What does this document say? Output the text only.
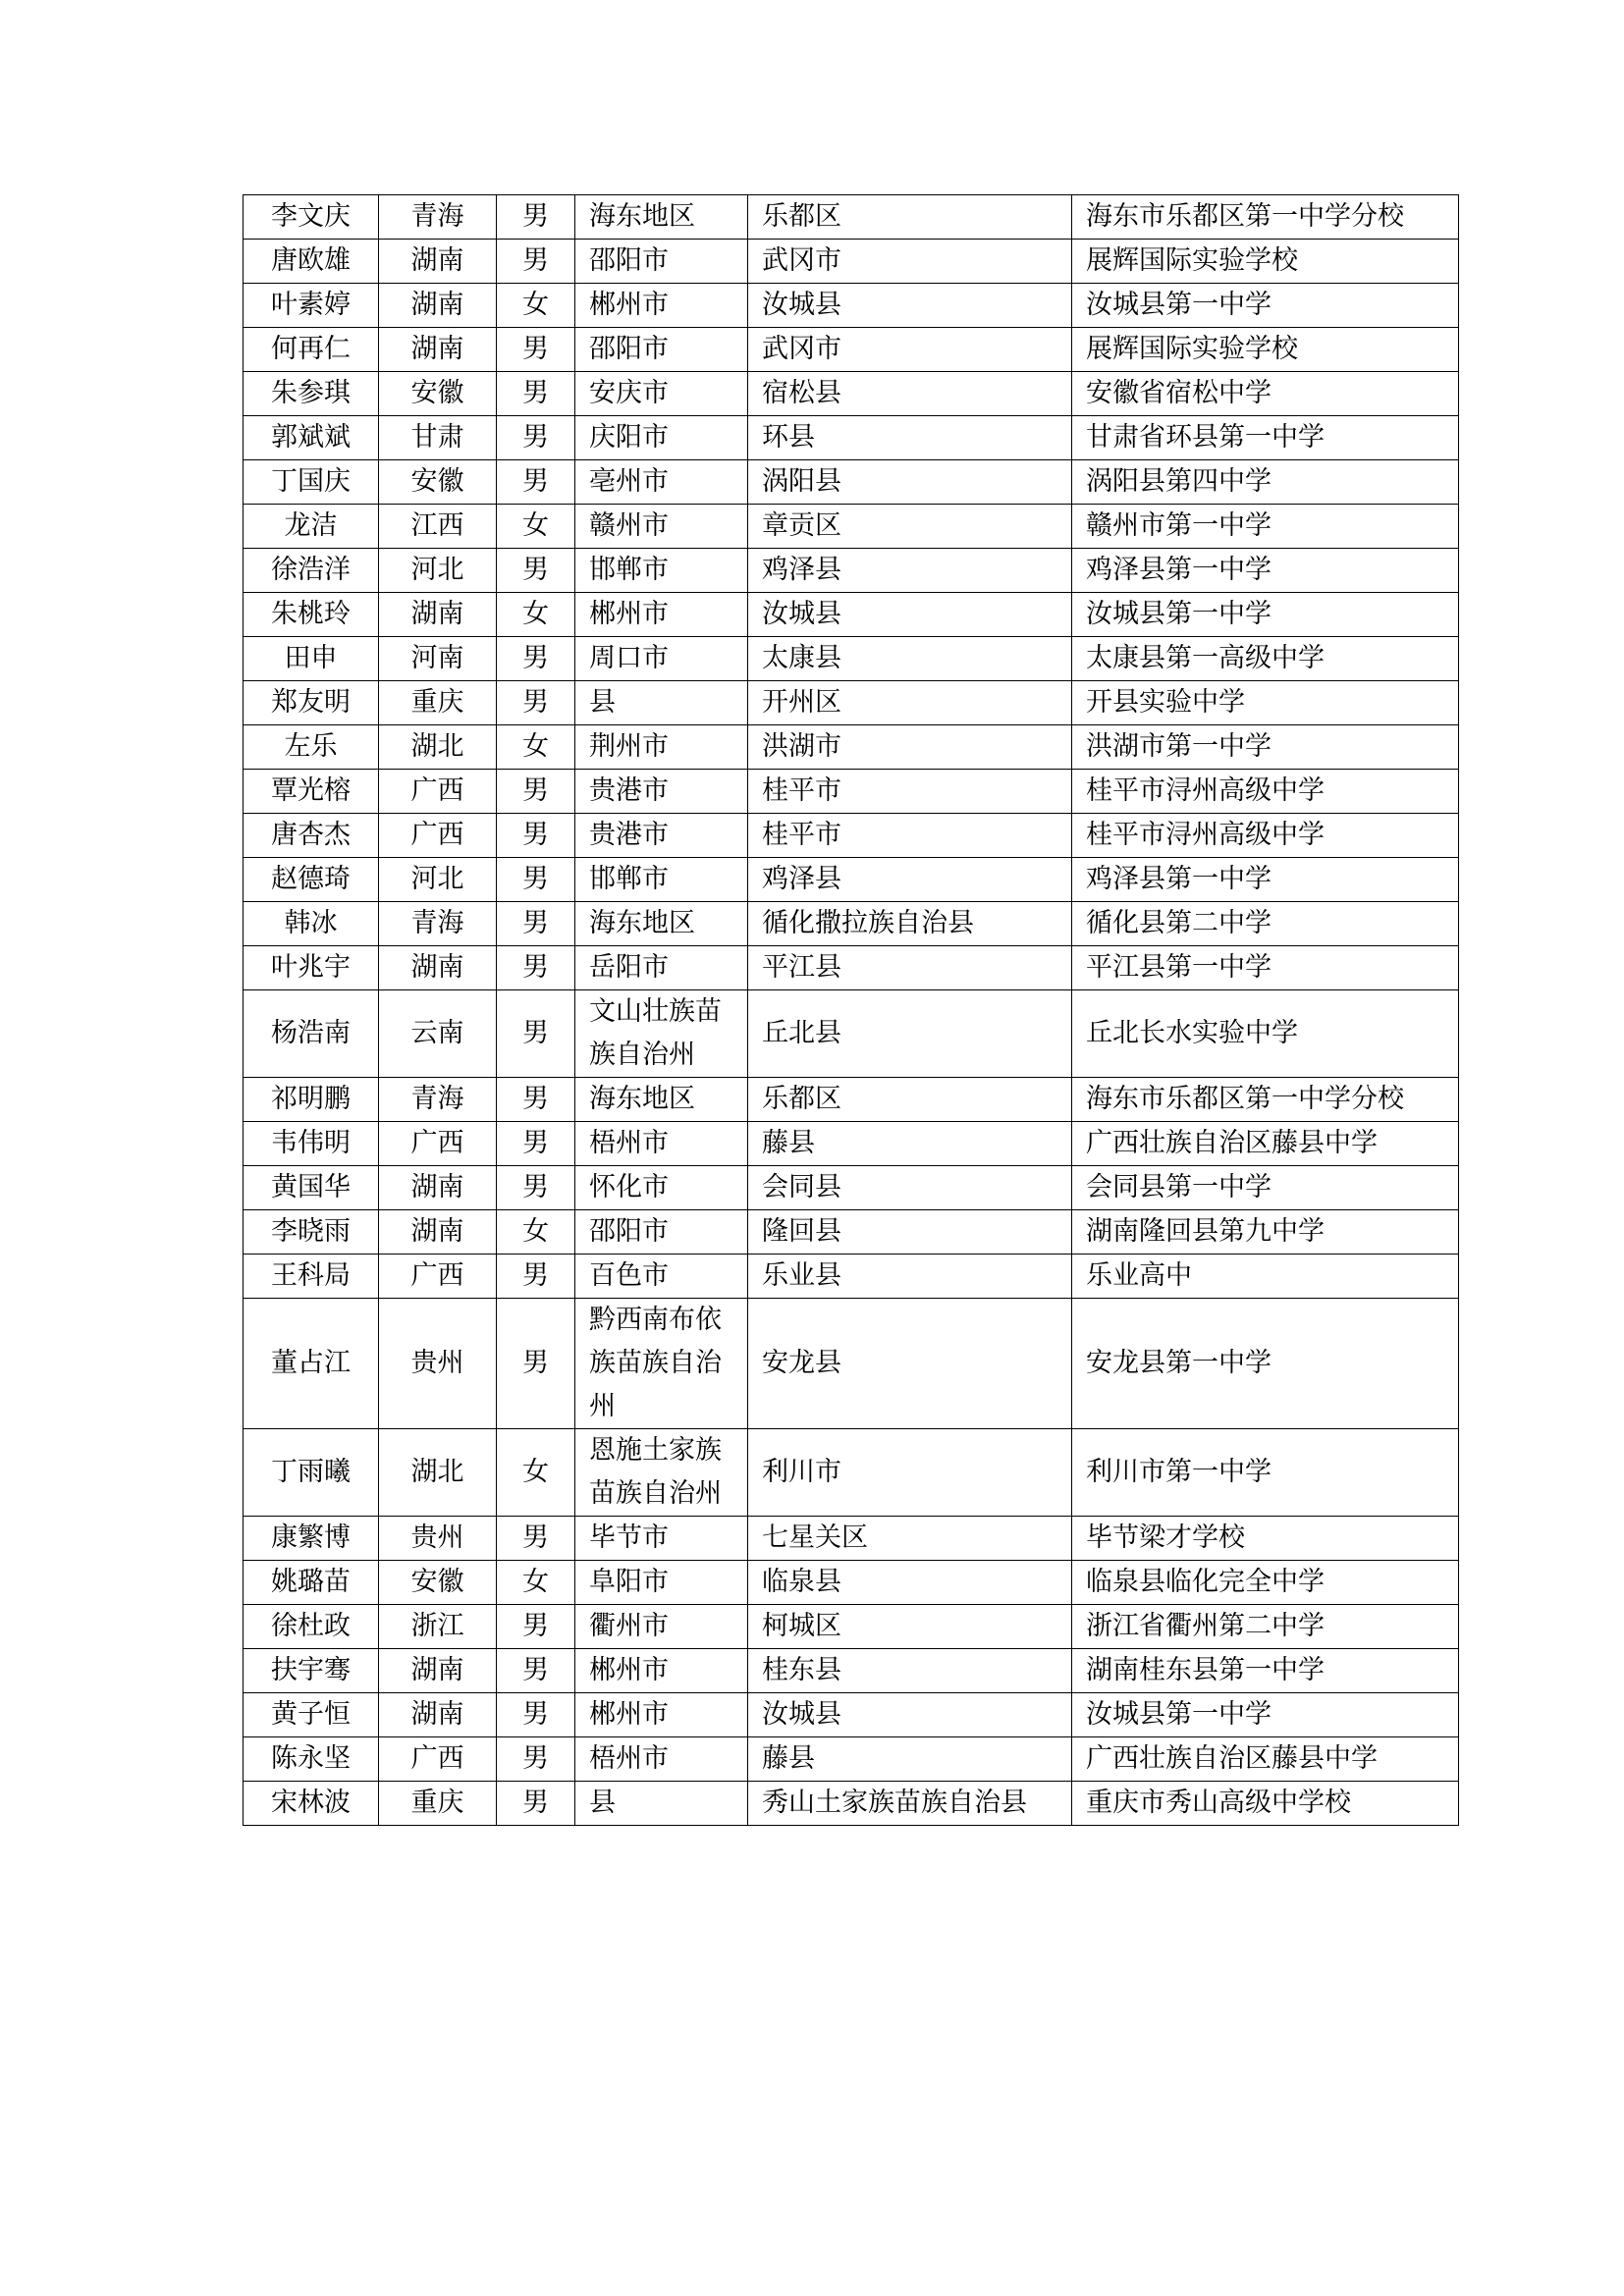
李文庆	青海	男	海东地区	乐都区	海东市乐都区第一中学分校
唐欧雄	湖南	男	邵阳市	武冈市	展辉国际实验学校
叶素婷	湖南	女	郴州市	汝城县	汝城县第一中学
何再仁	湖南	男	邵阳市	武冈市	展辉国际实验学校
朱参琪	安徽	男	安庆市	宿松县	安徽省宿松中学
郭斌斌	甘肃	男	庆阳市	环县	甘肃省环县第一中学
丁国庆	安徽	男	亳州市	涡阳县	涡阳县第四中学
龙洁	江西	女	赣州市	章贡区	赣州市第一中学
徐浩洋	河北	男	邯郸市	鸡泽县	鸡泽县第一中学
朱桃玲	湖南	女	郴州市	汝城县	汝城县第一中学
田申	河南	男	周口市	太康县	太康县第一高级中学
郑友明	重庆	男	县	开州区	开县实验中学
左乐	湖北	女	荆州市	洪湖市	洪湖市第一中学
覃光榕	广西	男	贵港市	桂平市	桂平市浔州高级中学
唐杏杰	广西	男	贵港市	桂平市	桂平市浔州高级中学
赵德琦	河北	男	邯郸市	鸡泽县	鸡泽县第一中学
韩冰	青海	男	海东地区	循化撒拉族自治县	循化县第二中学
叶兆宇	湖南	男	岳阳市	平江县	平江县第一中学
杨浩南	云南	男	文山壮族苗族自治州	丘北县	丘北长水实验中学
祁明鹏	青海	男	海东地区	乐都区	海东市乐都区第一中学分校
韦伟明	广西	男	梧州市	藤县	广西壮族自治区藤县中学
黄国华	湖南	男	怀化市	会同县	会同县第一中学
李晓雨	湖南	女	邵阳市	隆回县	湖南隆回县第九中学
王科局	广西	男	百色市	乐业县	乐业高中
董占江	贵州	男	黔西南布依族苗族自治州	安龙县	安龙县第一中学
丁雨曦	湖北	女	恩施土家族苗族自治州	利川市	利川市第一中学
康繁博	贵州	男	毕节市	七星关区	毕节梁才学校
姚璐苗	安徽	女	阜阳市	临泉县	临泉县临化完全中学
徐杜政	浙江	男	衢州市	柯城区	浙江省衢州第二中学
扶宇骞	湖南	男	郴州市	桂东县	湖南桂东县第一中学
黄子恒	湖南	男	郴州市	汝城县	汝城县第一中学
陈永坚	广西	男	梧州市	藤县	广西壮族自治区藤县中学
宋林波	重庆	男	县	秀山土家族苗族自治县	重庆市秀山高级中学校
